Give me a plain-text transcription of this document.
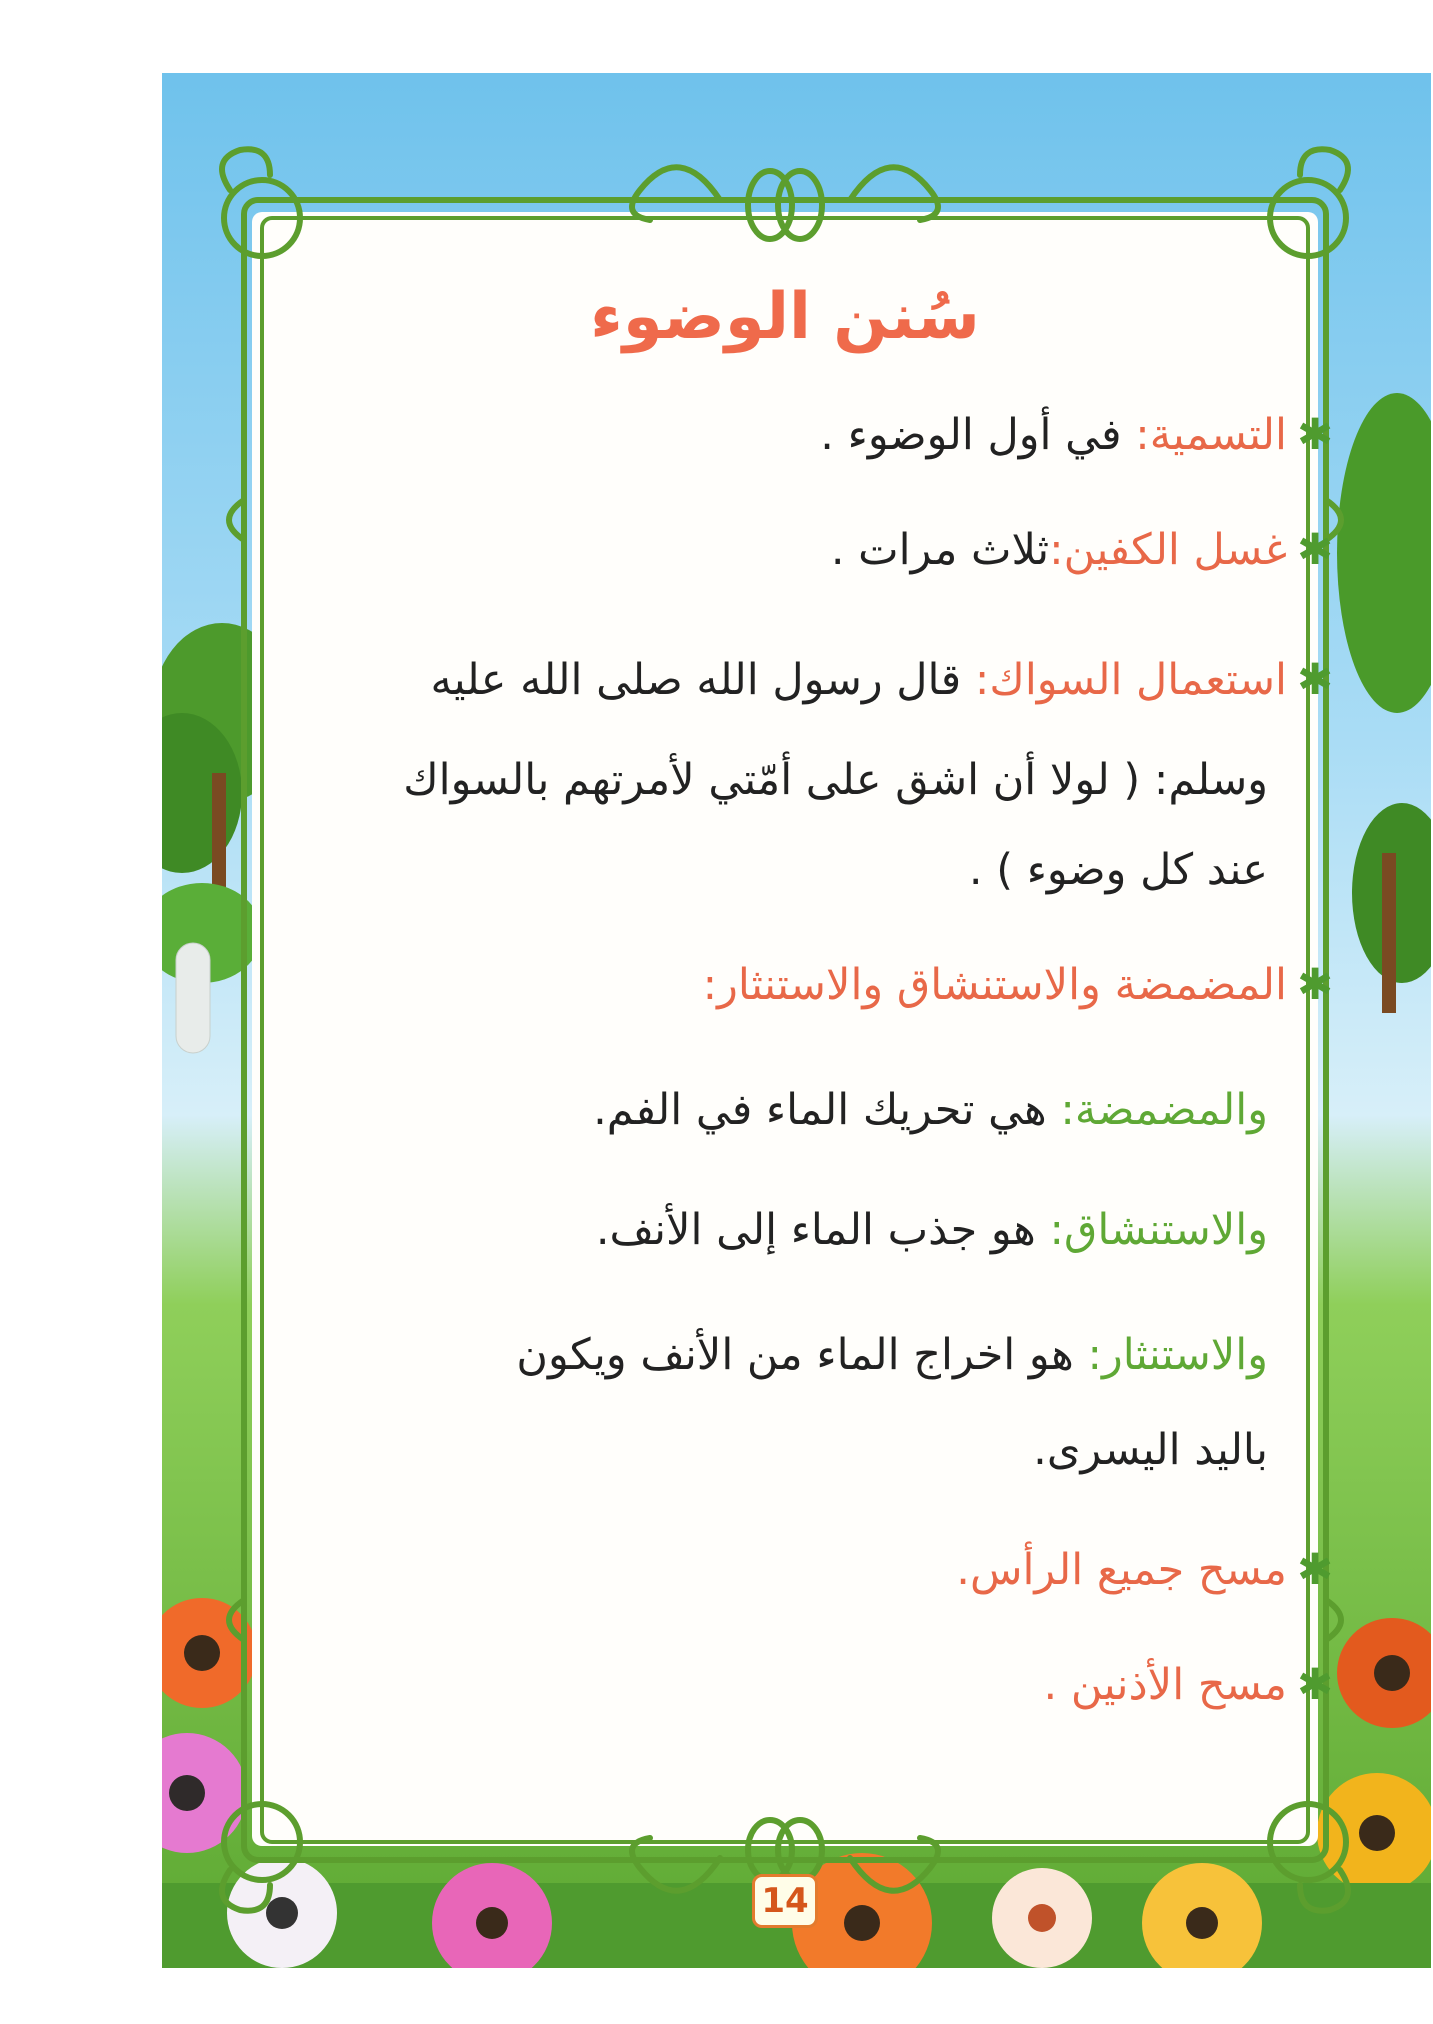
سُنن الوضوء
✱التسمية: في أول الوضوء .
✱غسل الكفين:ثلاث مرات .
✱استعمال السواك: قال رسول الله صلى الله عليه
وسلم: ( لولا أن اشق على أمّتي لأمرتهم بالسواك
عند كل وضوء ) .
✱المضمضة والاستنشاق والاستنثار:
والمضمضة: هي تحريك الماء في الفم.
والاستنشاق: هو جذب الماء إلى الأنف.
والاستنثار: هو اخراج الماء من الأنف ويكون
باليد اليسرى.
✱مسح جميع الرأس.
✱مسح الأذنين .
14
